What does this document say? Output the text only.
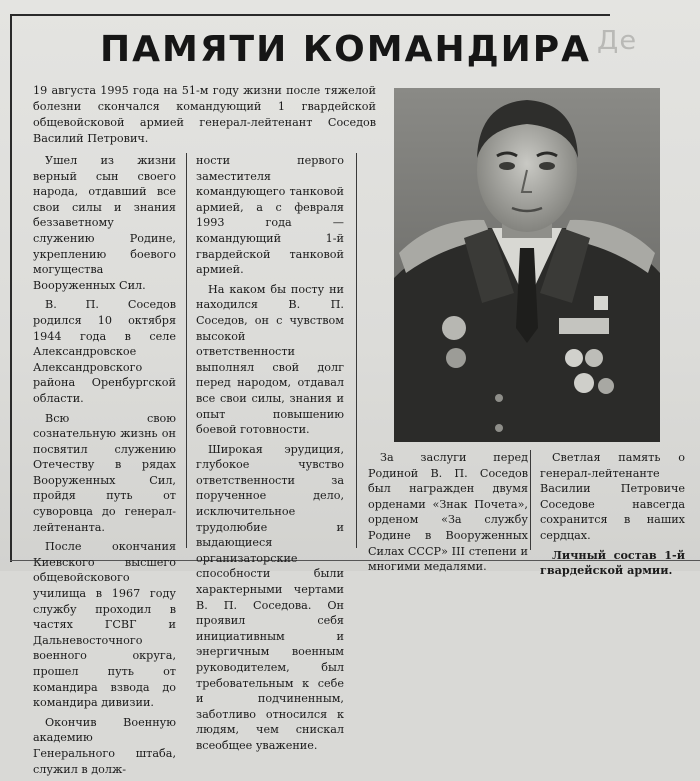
Де
ПАМЯТИ КОМАНДИРА
19 августа 1995 года на 51-м году жизни после тяжелой болезни скончался командующий 1 гвардейской общевойсковой армией генерал-лейтенант Соседов Василий Петрович.

Ушел из жизни верный сын своего народа, отдавший все свои силы и знания беззаветному служению Родине, укреплению боевого могущества Вооруженных Сил.

В. П. Соседов родился 10 октября 1944 года в селе Александровское Александровского района Оренбургской области.

Всю свою сознательную жизнь он посвятил служению Отечеству в рядах Вооруженных Сил, пройдя путь от суворовца до генерал-лейтенанта.

После окончания Киевского высшего общевойскового училища в 1967 году службу проходил в частях ГСВГ и Дальневосточного военного округа, прошел путь от командира взвода до командира дивизии.

Окончив Военную академию Генерального штаба, служил в долж-

ности первого заместителя командующего танковой армией, а с февраля 1993 года — командующий 1-й гвардейской танковой армией.

На каком бы посту ни находился В. П. Соседов, он с чувством высокой ответственности выполнял свой долг перед народом, отдавал все свои силы, знания и опыт повышению боевой готовности.

Широкая эрудиция, глубокое чувство ответственности за порученное дело, исключительное трудолюбие и выдающиеся организаторские способности были характерными чертами В. П. Соседова. Он проявил себя инициативным и энергичным военным руководителем, был требовательным к себе и подчиненным, заботливо относился к людям, чем снискал всеобщее уважение.

За заслуги перед Родиной В. П. Соседов был награжден двумя орденами «Знак Почета», орденом «За службу Родине в Вооруженных Силах СССР» III степени и многими медалями.

Светлая память о генерал-лейтенанте Василии Петровиче Соседове навсегда сохранится в наших сердцах.

Личный состав 1-й гвардейской армии.
